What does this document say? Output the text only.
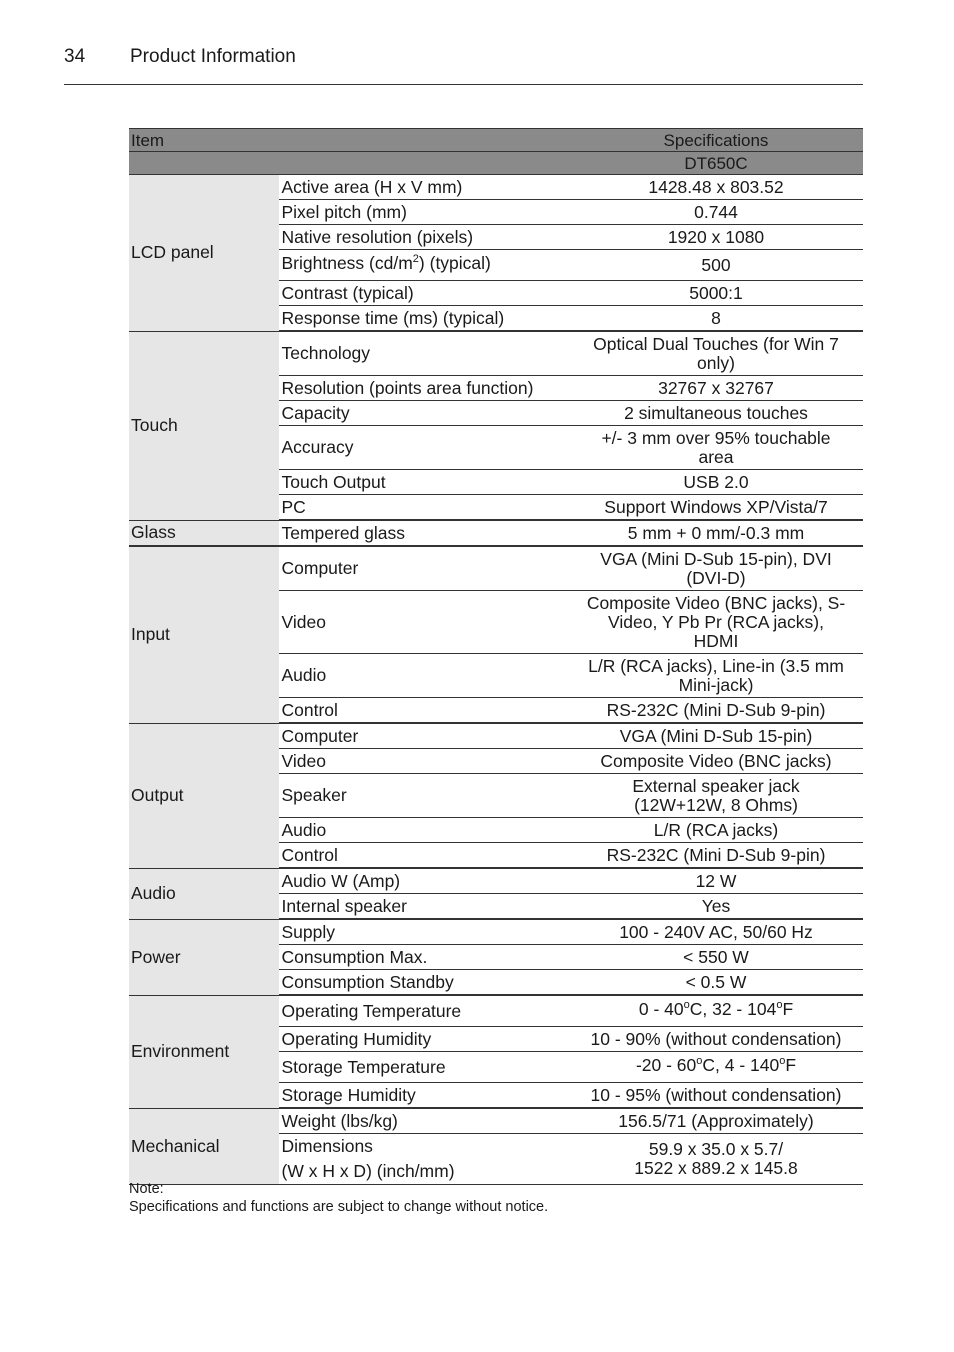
34 Product Information
Item		Specifications
		DT650C
LCD panel	Active area (H x V mm)	1428.48 x 803.52
	Pixel pitch (mm)	0.744
	Native resolution (pixels)	1920 x 1080
	Brightness $(cd/m^2)$ (typical)	500
	Contrast (typical)	5000:1
	Response time (ms) (typical)	8
Touch	Technology	Optical Dual Touches (for Win 7
only)

	Resolution (points area function)	32767 x 32767
	Capacity	2 simultaneous touches
	Accuracy	+/- 3 mm over 95% touchable
area

	Touch Output	USB 2.0
	PC	Support Windows XP/Vista/7
Glass	Tempered glass	5 mm + 0 mm/-0.3 mm
Input	Computer	VGA (Mini D-Sub 15-pin), DVI
(DVI-D)

	Video	Composite Video (BNC jacks), S-
Video, Y Pb Pr (RCA jacks),
HDMI

	Audio	L/R (RCA jacks), Line-in (3.5 mm
Mini-jack)

	Control	RS-232C (Mini D-Sub 9-pin)
Output	Computer	VGA (Mini D-Sub 15-pin)
	Video	Composite Video (BNC jacks)
	Speaker	External speaker jack
(12W+12W, 8 Ohms)

	Audio	L/R (RCA jacks)
	Control	RS-232C (Mini D-Sub 9-pin)
Audio	Audio W (Amp)	12 W
	Internal speaker	Yes
Power	Supply	100 - 240V AC, 50/60 Hz
	Consumption Max.	< 550 W
	Consumption Standby	< 0.5 W
Environment	Operating Temperature	0 - 40$^o$C, 32 - 104$^o$F
	Operating Humidity	10 - 90% (without condensation)
	Storage Temperature	-20 - 60$^o$C, 4 - 140$^o$F
	Storage Humidity	10 - 95% (without condensation)
Mechanical	Weight (lbs/kg)	156.5/71 (Approximately)

	Dimensions
(W x H x D) (inch/mm)	59.9 x 35.0 x 5.7/
1522 x 889.2 x 145.8
Note:
Specifications and functions are subject to change without notice.
